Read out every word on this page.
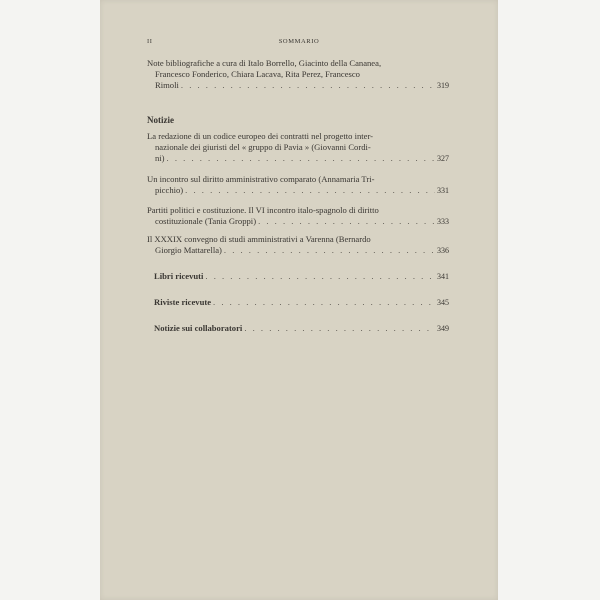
II	SOMMARIO
Note bibliografiche a cura di Italo Borrello, Giacinto della Cananea,
Francesco Fonderico, Chiara Lacava, Rita Perez, Francesco
Rimoli . . .	319
Notizie
La redazione di un codice europeo dei contratti nel progetto inter-
nazionale dei giuristi del « gruppo di Pavia » (Giovanni Cordi-
ni) . . .	327
Un incontro sul diritto amministrativo comparato (Annamaria Tri-
picchio) . . .	331
Partiti politici e costituzione. Il VI incontro italo-spagnolo di diritto
costituzionale (Tania Groppi) . . .	333
Il XXXIX convegno di studi amministrativi a Varenna (Bernardo
Giorgio Mattarella) . . .	336
Libri ricevuti . . .	341
Riviste ricevute . . .	345
Notizie sui collaboratori . . .	349
